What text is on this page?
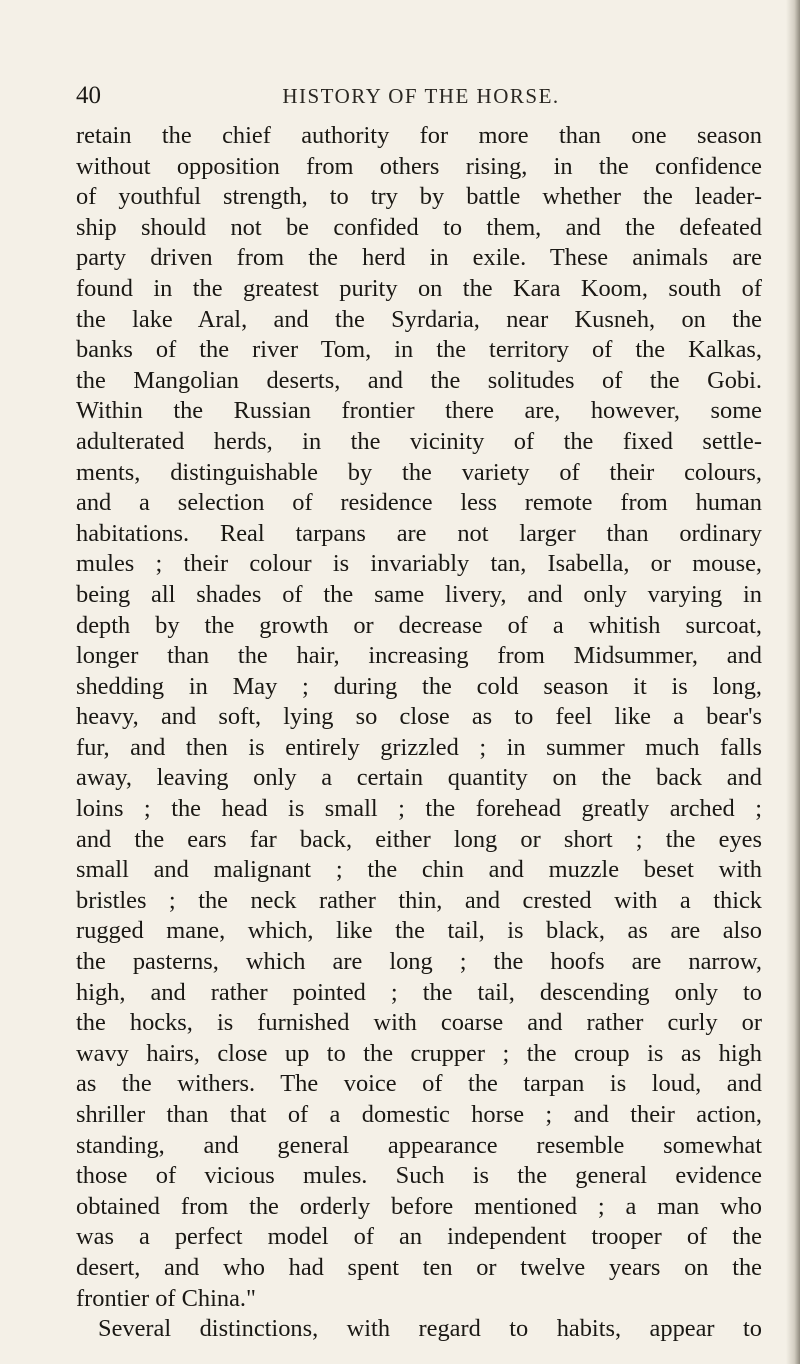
40	HISTORY OF THE HORSE.
retain the chief authority for more than one season
without opposition from others rising, in the confidence
of youthful strength, to try by battle whether the leader-
ship should not be confided to them, and the defeated
party driven from the herd in exile. These animals are
found in the greatest purity on the Kara Koom, south of
the lake Aral, and the Syrdaria, near Kusneh, on the
banks of the river Tom, in the territory of the Kalkas,
the Mangolian deserts, and the solitudes of the Gobi.
Within the Russian frontier there are, however, some
adulterated herds, in the vicinity of the fixed settle-
ments, distinguishable by the variety of their colours,
and a selection of residence less remote from human
habitations. Real tarpans are not larger than ordinary
mules ; their colour is invariably tan, Isabella, or mouse,
being all shades of the same livery, and only varying in
depth by the growth or decrease of a whitish surcoat,
longer than the hair, increasing from Midsummer, and
shedding in May ; during the cold season it is long,
heavy, and soft, lying so close as to feel like a bear's
fur, and then is entirely grizzled ; in summer much falls
away, leaving only a certain quantity on the back and
loins ; the head is small ; the forehead greatly arched ;
and the ears far back, either long or short ; the eyes
small and malignant ; the chin and muzzle beset with
bristles ; the neck rather thin, and crested with a thick
rugged mane, which, like the tail, is black, as are also
the pasterns, which are long ; the hoofs are narrow,
high, and rather pointed ; the tail, descending only to
the hocks, is furnished with coarse and rather curly or
wavy hairs, close up to the crupper ; the croup is as high
as the withers. The voice of the tarpan is loud, and
shriller than that of a domestic horse ; and their action,
standing, and general appearance resemble somewhat
those of vicious mules. Such is the general evidence
obtained from the orderly before mentioned ; a man who
was a perfect model of an independent trooper of the
desert, and who had spent ten or twelve years on the
frontier of China."
Several distinctions, with regard to habits, appear to
